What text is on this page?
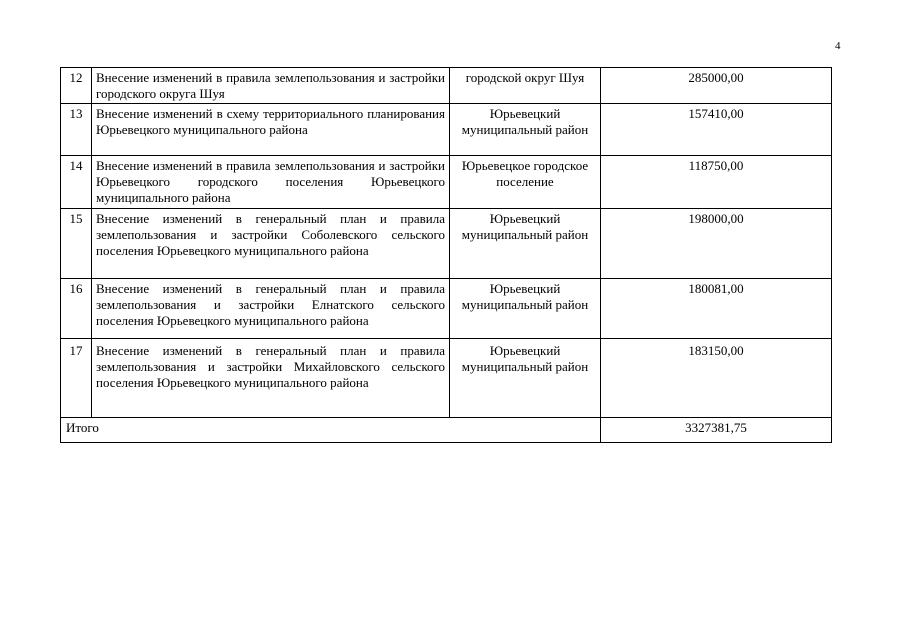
4
12	Внесение изменений в правила землепользования и застройки городского округа Шуя	городской округ Шуя	285000,00
13	Внесение изменений в схему территориального планирования Юрьевецкого муниципального района	Юрьевецкий муниципальный район	157410,00
14	Внесение изменений в правила землепользования и застройки Юрьевецкого городского поселения Юрьевецкого муниципального района	Юрьевецкое городское поселение	118750,00
15	Внесение изменений в генеральный план и правила землепользования и застройки Соболевского сельского поселения Юрьевецкого муниципального района	Юрьевецкий муниципальный район	198000,00
16	Внесение изменений в генеральный план и правила землепользования и застройки Елнатского сельского поселения Юрьевецкого муниципального района	Юрьевецкий муниципальный район	180081,00
17	Внесение изменений в генеральный план и правила землепользования и застройки Михайловского сельского поселения Юрьевецкого муниципального района	Юрьевецкий муниципальный район	183150,00
Итого			3327381,75
